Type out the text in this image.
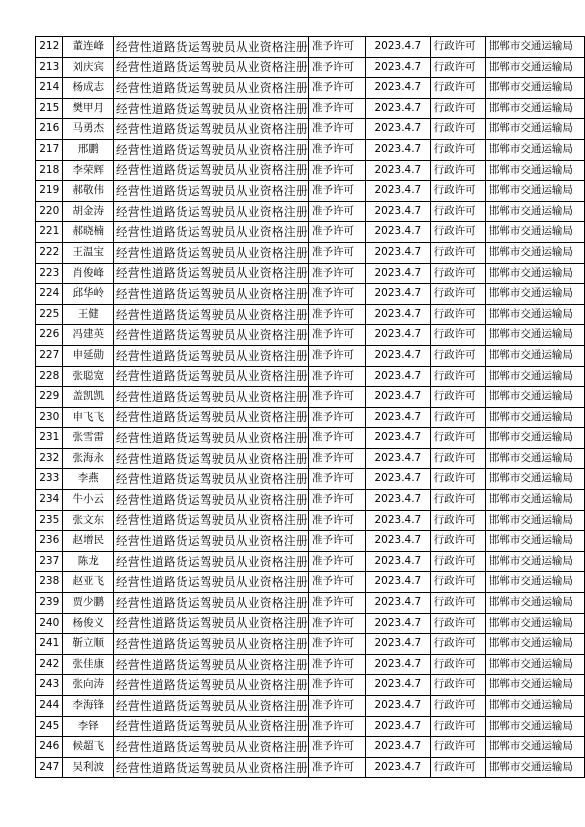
212	董连峰	经营性道路货运驾驶员从业资格注册	准予许可	2023.4.7	行政许可	邯郸市交通运输局
213	刘庆宾	经营性道路货运驾驶员从业资格注册	准予许可	2023.4.7	行政许可	邯郸市交通运输局
214	杨成志	经营性道路货运驾驶员从业资格注册	准予许可	2023.4.7	行政许可	邯郸市交通运输局
215	樊甲月	经营性道路货运驾驶员从业资格注册	准予许可	2023.4.7	行政许可	邯郸市交通运输局
216	马勇杰	经营性道路货运驾驶员从业资格注册	准予许可	2023.4.7	行政许可	邯郸市交通运输局
217	邢鹏	经营性道路货运驾驶员从业资格注册	准予许可	2023.4.7	行政许可	邯郸市交通运输局
218	李荣辉	经营性道路货运驾驶员从业资格注册	准予许可	2023.4.7	行政许可	邯郸市交通运输局
219	郝敬伟	经营性道路货运驾驶员从业资格注册	准予许可	2023.4.7	行政许可	邯郸市交通运输局
220	胡金涛	经营性道路货运驾驶员从业资格注册	准予许可	2023.4.7	行政许可	邯郸市交通运输局
221	郝晓楠	经营性道路货运驾驶员从业资格注册	准予许可	2023.4.7	行政许可	邯郸市交通运输局
222	王温宝	经营性道路货运驾驶员从业资格注册	准予许可	2023.4.7	行政许可	邯郸市交通运输局
223	肖俊峰	经营性道路货运驾驶员从业资格注册	准予许可	2023.4.7	行政许可	邯郸市交通运输局
224	邱华岭	经营性道路货运驾驶员从业资格注册	准予许可	2023.4.7	行政许可	邯郸市交通运输局
225	王健	经营性道路货运驾驶员从业资格注册	准予许可	2023.4.7	行政许可	邯郸市交通运输局
226	冯建英	经营性道路货运驾驶员从业资格注册	准予许可	2023.4.7	行政许可	邯郸市交通运输局
227	申延勋	经营性道路货运驾驶员从业资格注册	准予许可	2023.4.7	行政许可	邯郸市交通运输局
228	张聪宽	经营性道路货运驾驶员从业资格注册	准予许可	2023.4.7	行政许可	邯郸市交通运输局
229	盖凯凯	经营性道路货运驾驶员从业资格注册	准予许可	2023.4.7	行政许可	邯郸市交通运输局
230	申飞飞	经营性道路货运驾驶员从业资格注册	准予许可	2023.4.7	行政许可	邯郸市交通运输局
231	张雪雷	经营性道路货运驾驶员从业资格注册	准予许可	2023.4.7	行政许可	邯郸市交通运输局
232	张海永	经营性道路货运驾驶员从业资格注册	准予许可	2023.4.7	行政许可	邯郸市交通运输局
233	李燕	经营性道路货运驾驶员从业资格注册	准予许可	2023.4.7	行政许可	邯郸市交通运输局
234	牛小云	经营性道路货运驾驶员从业资格注册	准予许可	2023.4.7	行政许可	邯郸市交通运输局
235	张文东	经营性道路货运驾驶员从业资格注册	准予许可	2023.4.7	行政许可	邯郸市交通运输局
236	赵增民	经营性道路货运驾驶员从业资格注册	准予许可	2023.4.7	行政许可	邯郸市交通运输局
237	陈龙	经营性道路货运驾驶员从业资格注册	准予许可	2023.4.7	行政许可	邯郸市交通运输局
238	赵亚飞	经营性道路货运驾驶员从业资格注册	准予许可	2023.4.7	行政许可	邯郸市交通运输局
239	贾少鹏	经营性道路货运驾驶员从业资格注册	准予许可	2023.4.7	行政许可	邯郸市交通运输局
240	杨俊义	经营性道路货运驾驶员从业资格注册	准予许可	2023.4.7	行政许可	邯郸市交通运输局
241	靳立顺	经营性道路货运驾驶员从业资格注册	准予许可	2023.4.7	行政许可	邯郸市交通运输局
242	张佳康	经营性道路货运驾驶员从业资格注册	准予许可	2023.4.7	行政许可	邯郸市交通运输局
243	张向涛	经营性道路货运驾驶员从业资格注册	准予许可	2023.4.7	行政许可	邯郸市交通运输局
244	李海锋	经营性道路货运驾驶员从业资格注册	准予许可	2023.4.7	行政许可	邯郸市交通运输局
245	李铎	经营性道路货运驾驶员从业资格注册	准予许可	2023.4.7	行政许可	邯郸市交通运输局
246	候超飞	经营性道路货运驾驶员从业资格注册	准予许可	2023.4.7	行政许可	邯郸市交通运输局
247	吴利波	经营性道路货运驾驶员从业资格注册	准予许可	2023.4.7	行政许可	邯郸市交通运输局
